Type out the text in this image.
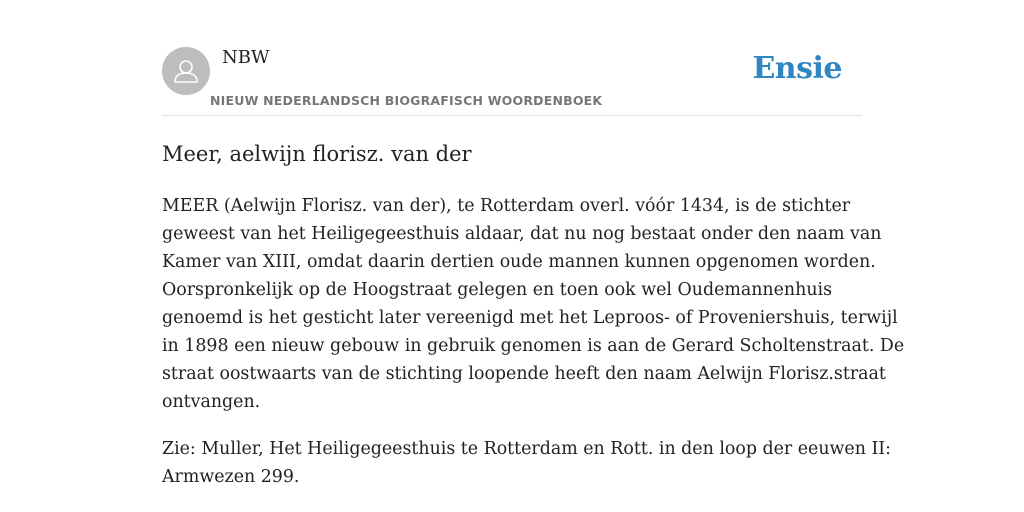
NBW
NIEUW NEDERLANDSCH BIOGRAFISCH WOORDENBOEK
Ensie
Meer, aelwijn florisz. van der

MEER (Aelwijn Florisz. van der), te Rotterdam overl. vóór 1434, is de stichter
geweest van het Heiligegeesthuis aldaar, dat nu nog bestaat onder den naam van
Kamer van XIII, omdat daarin dertien oude mannen kunnen opgenomen worden.
Oorspronkelijk op de Hoogstraat gelegen en toen ook wel Oudemannenhuis
genoemd is het gesticht later vereenigd met het Leproos- of Proveniershuis, terwijl
in 1898 een nieuw gebouw in gebruik genomen is aan de Gerard Scholtenstraat. De
straat oostwaarts van de stichting loopende heeft den naam Aelwijn Florisz.straat
ontvangen.

Zie: Muller, Het Heiligegeesthuis te Rotterdam en Rott. in den loop der eeuwen II:
Armwezen 299.
